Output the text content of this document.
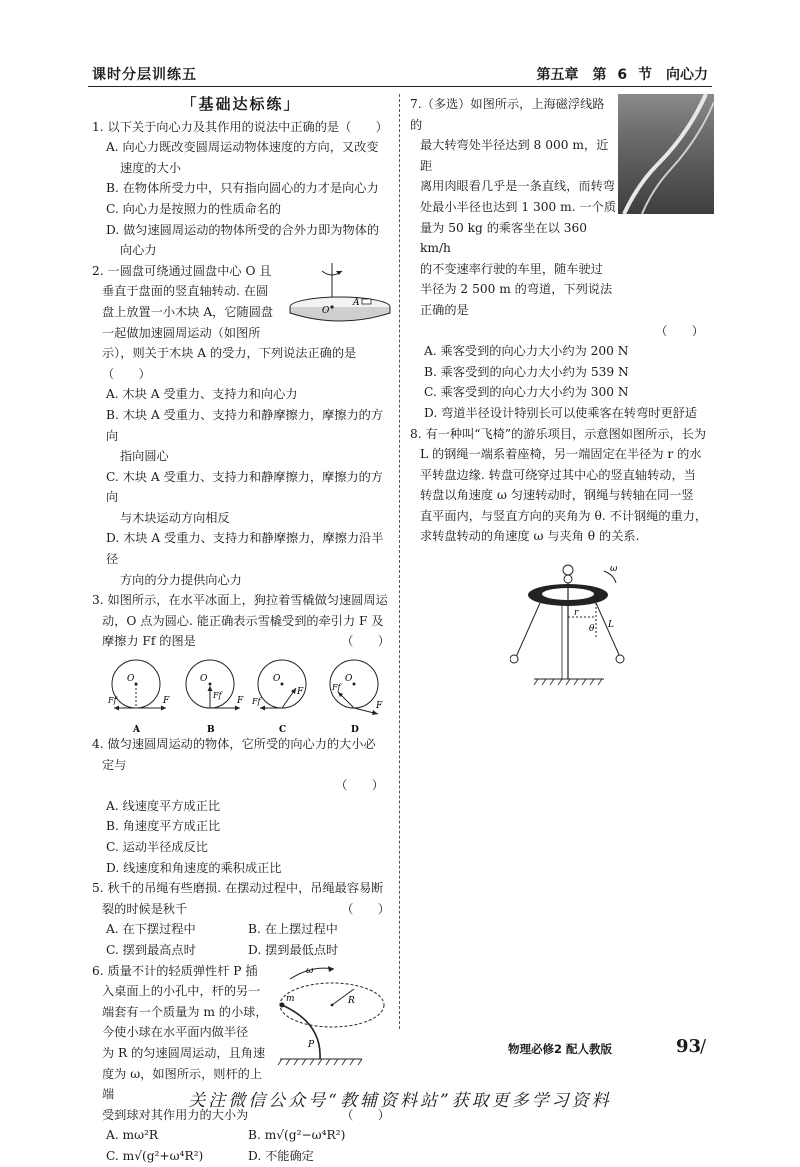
课时分层训练五	第五章　第 6 节　向心力
「基础达标练」

1. 以下关于向心力及其作用的说法中正确的是（　　）

A. 向心力既改变圆周运动物体速度的方向，又改变

速度的大小

B. 在物体所受力中，只有指向圆心的力才是向心力

C. 向心力是按照力的性质命名的

D. 做匀速圆周运动的物体所受的合外力即为物体的

向心力

2. 一圆盘可绕通过圆盘中心 O 且

垂直于盘面的竖直轴转动. 在圆

盘上放置一小木块 A，它随圆盘

一起做加速圆周运动（如图所

示），则关于木块 A 的受力，下列说法正确的是（　　）

O
A

A. 木块 A 受重力、支持力和向心力

B. 木块 A 受重力、支持力和静摩擦力，摩擦力的方向

指向圆心

C. 木块 A 受重力、支持力和静摩擦力，摩擦力的方向

与木块运动方向相反

D. 木块 A 受重力、支持力和静摩擦力，摩擦力沿半径

方向的分力提供向心力

3. 如图所示，在水平冰面上，狗拉着雪橇做匀速圆周运

动，O 点为圆心. 能正确表示雪橇受到的牵引力 F 及

摩擦力 Ff 的图是	（　　）

O
F
Ff
A
O
Ff
F
B
O
F
Ff
C
O
Ff
F
D

4. 做匀速圆周运动的物体，它所受的向心力的大小必

定与

（　　）

A. 线速度平方成正比

B. 角速度平方成正比

C. 运动半径成反比

D. 线速度和角速度的乘积成正比

5. 秋千的吊绳有些磨损. 在摆动过程中，吊绳最容易断

裂的时候是秋千	（　　）

A. 在下摆过程中	B. 在上摆过程中
C. 摆到最高点时	D. 摆到最低点时

6. 质量不计的轻质弹性杆 P 插

入桌面上的小孔中，杆的另一

端套有一个质量为 m 的小球，

今使小球在水平面内做半径

为 R 的匀速圆周运动，且角速

度为 ω，如图所示，则杆的上端

受到球对其作用力的大小为	（　　）

ω
m	R
P
A. mω²R	B. m√(g²−ω⁴R²)
C. m√(g²+ω⁴R²)	D. 不能确定

7.（多选）如图所示，上海磁浮线路的

最大转弯处半径达到 8 000 m，近距

离用肉眼看几乎是一条直线，而转弯

处最小半径也达到 1 300 m. 一个质

量为 50 kg 的乘客坐在以 360 km/h

的不变速率行驶的车里，随车驶过

半径为 2 500 m 的弯道，下列说法

正确的是

（　　）

A. 乘客受到的向心力大小约为 200 N

B. 乘客受到的向心力大小约为 539 N

C. 乘客受到的向心力大小约为 300 N

D. 弯道半径设计特别长可以使乘客在转弯时更舒适

8. 有一种叫“飞椅”的游乐项目，示意图如图所示，长为

L 的钢绳一端系着座椅，另一端固定在半径为 r 的水

平转盘边缘. 转盘可绕穿过其中心的竖直轴转动，当

转盘以角速度 ω 匀速转动时，钢绳与转轴在同一竖

直平面内，与竖直方向的夹角为 θ. 不计钢绳的重力，

求转盘转动的角速度 ω 与夹角 θ 的关系.

ω
r
θ L
物理必修2 配人教版	93
/
关注微信公众号“教辅资料站”获取更多学习资料
